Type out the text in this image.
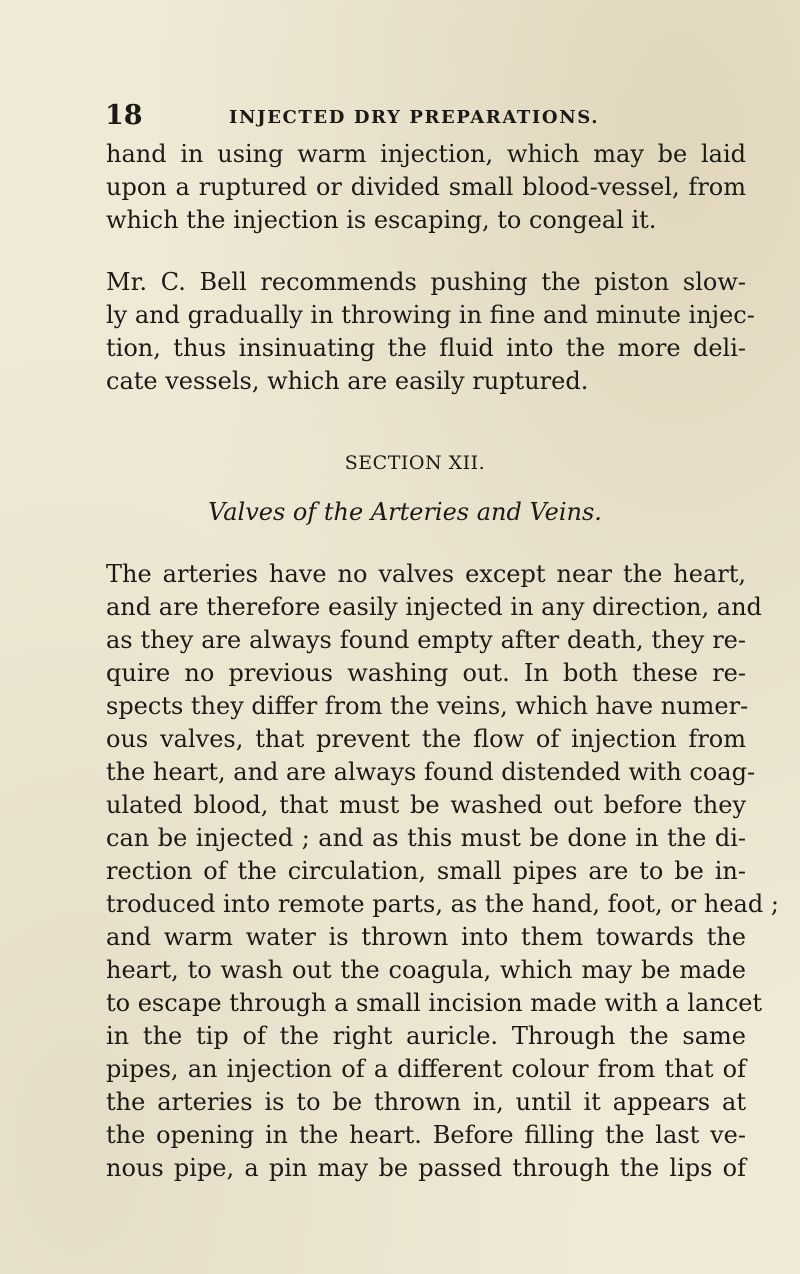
18	INJECTED DRY PREPARATIONS.
hand in using warm injection, which may be laid
upon a ruptured or divided small blood-vessel, from
which the injection is escaping, to congeal it.
Mr. C. Bell recommends pushing the piston slow-
ly and gradually in throwing in fine and minute injec-
tion, thus insinuating the fluid into the more deli-
cate vessels, which are easily ruptured.
SECTION XII.
Valves of the Arteries and Veins.
The arteries have no valves except near the heart,
and are therefore easily injected in any direction, and
as they are always found empty after death, they re-
quire no previous washing out. In both these re-
spects they differ from the veins, which have numer-
ous valves, that prevent the flow of injection from
the heart, and are always found distended with coag-
ulated blood, that must be washed out before they
can be injected ; and as this must be done in the di-
rection of the circulation, small pipes are to be in-
troduced into remote parts, as the hand, foot, or head ;
and warm water is thrown into them towards the
heart, to wash out the coagula, which may be made
to escape through a small incision made with a lancet
in the tip of the right auricle. Through the same
pipes, an injection of a different colour from that of
the arteries is to be thrown in, until it appears at
the opening in the heart. Before filling the last ve-
nous pipe, a pin may be passed through the lips of
